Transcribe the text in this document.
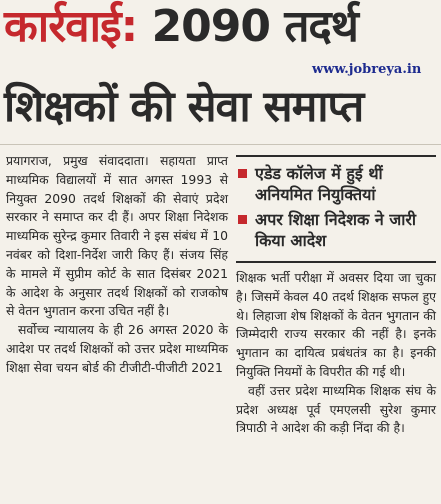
कार्रवाई: 2090 तदर्थ
www.jobreya.in
शिक्षकों की सेवा समाप्त

प्रयागराज, प्रमुख संवाददाता। सहायता प्राप्त माध्यमिक विद्यालयों में सात अगस्त 1993 से नियुक्त 2090 तदर्थ शिक्षकों की सेवाएं प्रदेश सरकार ने समाप्त कर दी हैं। अपर शिक्षा निदेशक माध्यमिक सुरेन्द्र कुमार तिवारी ने इस संबंध में 10 नवंबर को दिशा-निर्देश जारी किए हैं। संजय सिंह के मामले में सुप्रीम कोर्ट के सात दिसंबर 2021 के आदेश के अनुसार तदर्थ शिक्षकों को राजकोष से वेतन भुगतान करना उचित नहीं है।

सर्वोच्च न्यायालय के ही 26 अगस्त 2020 के आदेश पर तदर्थ शिक्षकों को उत्तर प्रदेश माध्यमिक शिक्षा सेवा चयन बोर्ड की टीजीटी-पीजीटी 2021

एडेड कॉलेज में हुई थीं अनियमित नियुक्तियां
अपर शिक्षा निदेशक ने जारी किया आदेश

शिक्षक भर्ती परीक्षा में अवसर दिया जा चुका है। जिसमें केवल 40 तदर्थ शिक्षक सफल हुए थे। लिहाजा शेष शिक्षकों के वेतन भुगतान की जिम्मेदारी राज्य सरकार की नहीं है। इनके भुगतान का दायित्व प्रबंधतंत्र का है। इनकी नियुक्ति नियमों के विपरीत की गई थी।

वहीं उत्तर प्रदेश माध्यमिक शिक्षक संघ के प्रदेश अध्यक्ष पूर्व एमएलसी सुरेश कुमार त्रिपाठी ने आदेश की कड़ी निंदा की है।
